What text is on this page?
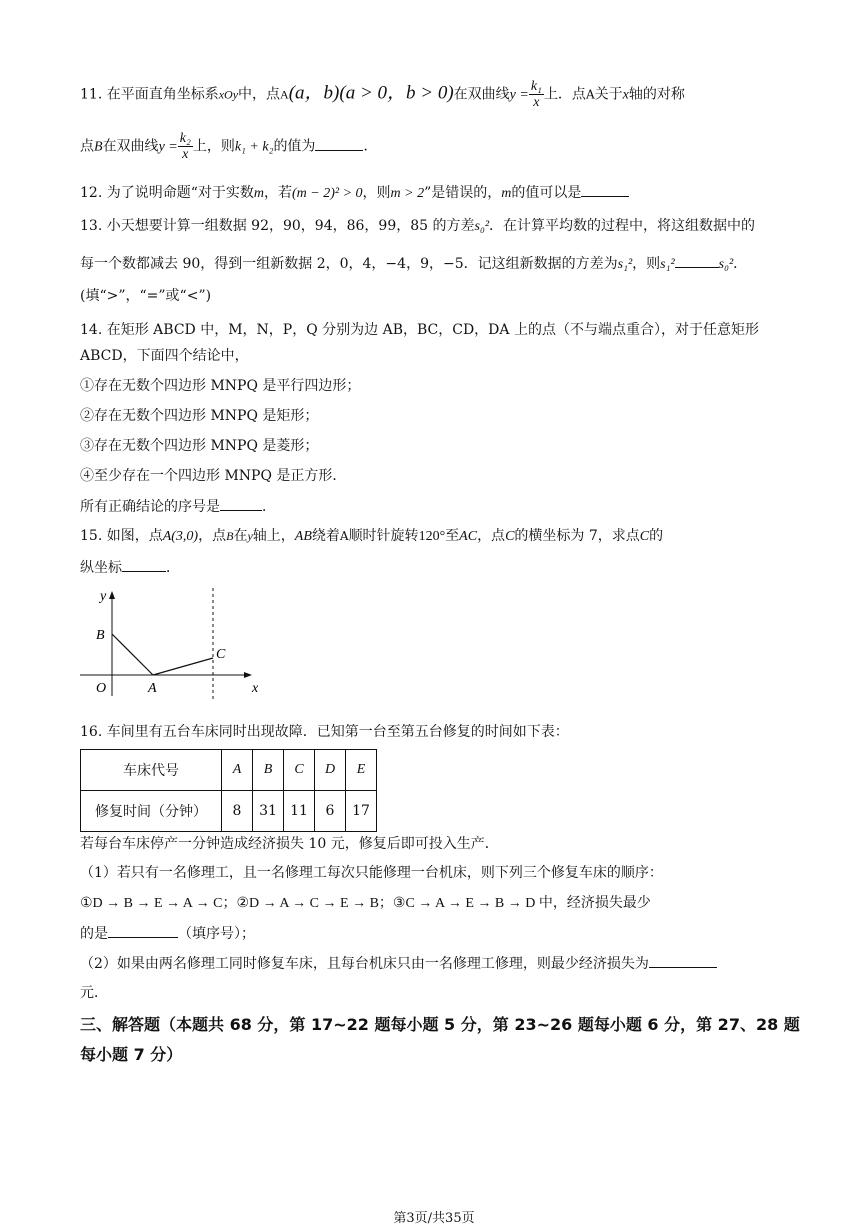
11. 在平面直角坐标系xOy中，点A(a，b)(a > 0，b > 0)在双曲线$y = \frac{\text{k₁}}{x}$ 上．点A关于x轴的对称
点B在双曲线$y = \frac{\text{k₂}}{x}$ 上，则k₁ + k₂的值为	．
12. 为了说明命题“对于实数m，若(m − 2)² > 0，则m > 2”是错误的，m的值可以是
13. 小天想要计算一组数据 92，90，94，86，99，85 的方差s₀²．在计算平均数的过程中，将这组数据中的
每一个数都减去 90，得到一组新数据 2，0，4，−4，9，−5．记这组新数据的方差为s₁²，则s₁²	s₀²．
(填“>”，“=”或“<”)
14. 在矩形 ABCD 中，M，N，P，Q 分别为边 AB，BC，CD，DA 上的点（不与端点重合），对于任意矩形
ABCD，下面四个结论中，
①存在无数个四边形 MNPQ 是平行四边形；
②存在无数个四边形 MNPQ 是矩形；
③存在无数个四边形 MNPQ 是菱形；
④至少存在一个四边形 MNPQ 是正方形．
所有正确结论的序号是	．
15. 如图，点A(3,0)，点B在y轴上，AB绕着A顺时针旋转120°至AC，点C的横坐标为 7，求点C的
纵坐标	．
y
x
O	A
B
C
16. 车间里有五台车床同时出现故障．已知第一台至第五台修复的时间如下表：
车床代号	A	B	C	D	E
修复时间（分钟）	8	31	11	6	17
若每台车床停产一分钟造成经济损失 10 元，修复后即可投入生产．
（1）若只有一名修理工，且一名修理工每次只能修理一台机床，则下列三个修复车床的顺序：
①D → B → E → A → C；②D → A → C → E → B；③C → A → E → B → D 中，经济损失最少
的是	（填序号）；
（2）如果由两名修理工同时修复车床，且每台机床只由一名修理工修理，则最少经济损失为
元．
三、解答题（本题共 68 分，第 17~22 题每小题 5 分，第 23~26 题每小题 6 分，第 27、28 题
每小题 7 分）
第3页/共35页
